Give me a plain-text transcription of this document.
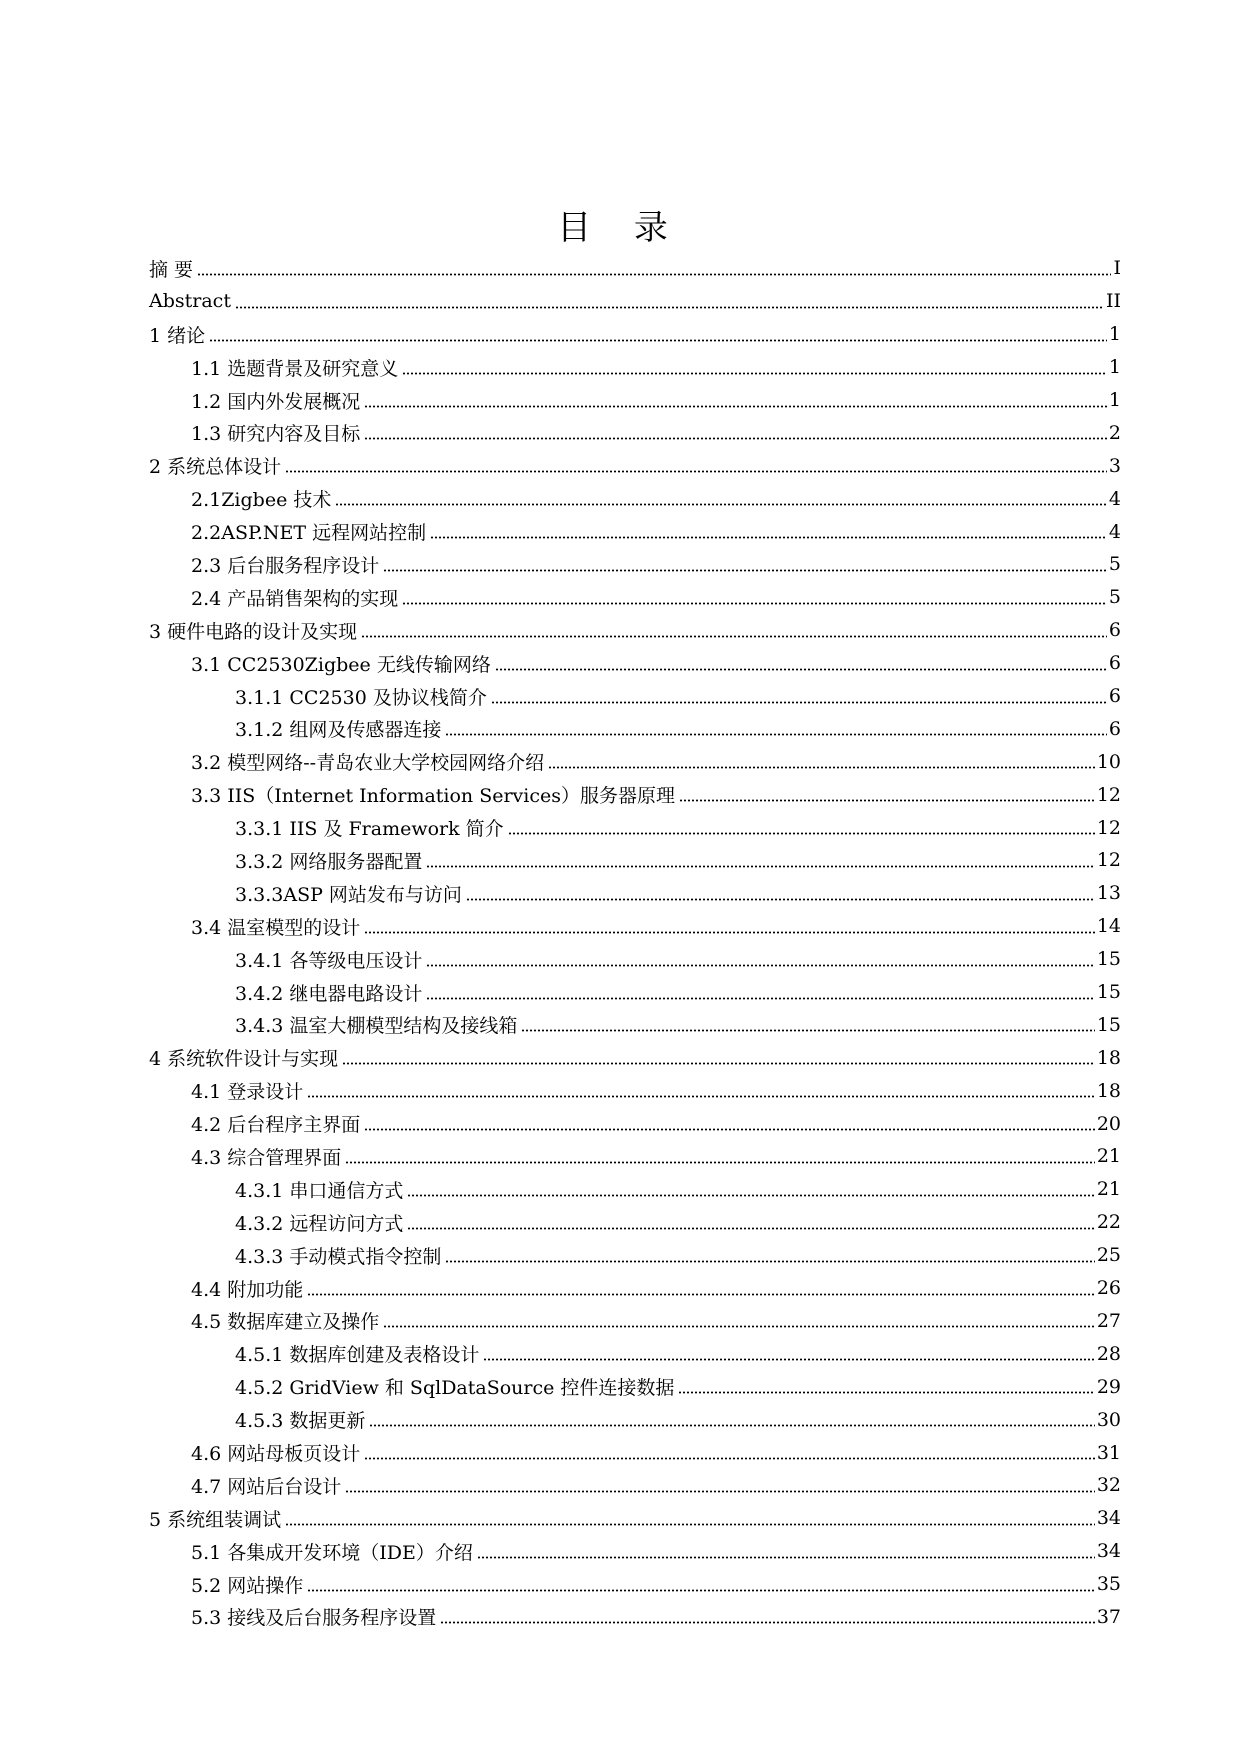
目 录
摘 要	I
Abstract	II
1 绪论	1
1.1 选题背景及研究意义	1
1.2 国内外发展概况	1
1.3 研究内容及目标	2
2 系统总体设计	3
2.1Zigbee 技术	4
2.2ASP.NET 远程网站控制	4
2.3 后台服务程序设计	5
2.4 产品销售架构的实现	5
3 硬件电路的设计及实现	6
3.1 CC2530Zigbee 无线传输网络	6
3.1.1 CC2530 及协议栈简介	6
3.1.2 组网及传感器连接	6
3.2 模型网络--青岛农业大学校园网络介绍	10
3.3 IIS（Internet Information Services）服务器原理	12
3.3.1 IIS 及 Framework 简介	12
3.3.2 网络服务器配置	12
3.3.3ASP 网站发布与访问	13
3.4 温室模型的设计	14
3.4.1 各等级电压设计	15
3.4.2 继电器电路设计	15
3.4.3 温室大棚模型结构及接线箱	15
4 系统软件设计与实现	18
4.1 登录设计	18
4.2 后台程序主界面	20
4.3 综合管理界面	21
4.3.1 串口通信方式	21
4.3.2 远程访问方式	22
4.3.3 手动模式指令控制	25
4.4 附加功能	26
4.5 数据库建立及操作	27
4.5.1 数据库创建及表格设计	28
4.5.2 GridView 和 SqlDataSource 控件连接数据	29
4.5.3 数据更新	30
4.6 网站母板页设计	31
4.7 网站后台设计	32
5 系统组装调试	34
5.1 各集成开发环境（IDE）介绍	34
5.2 网站操作	35
5.3 接线及后台服务程序设置	37
